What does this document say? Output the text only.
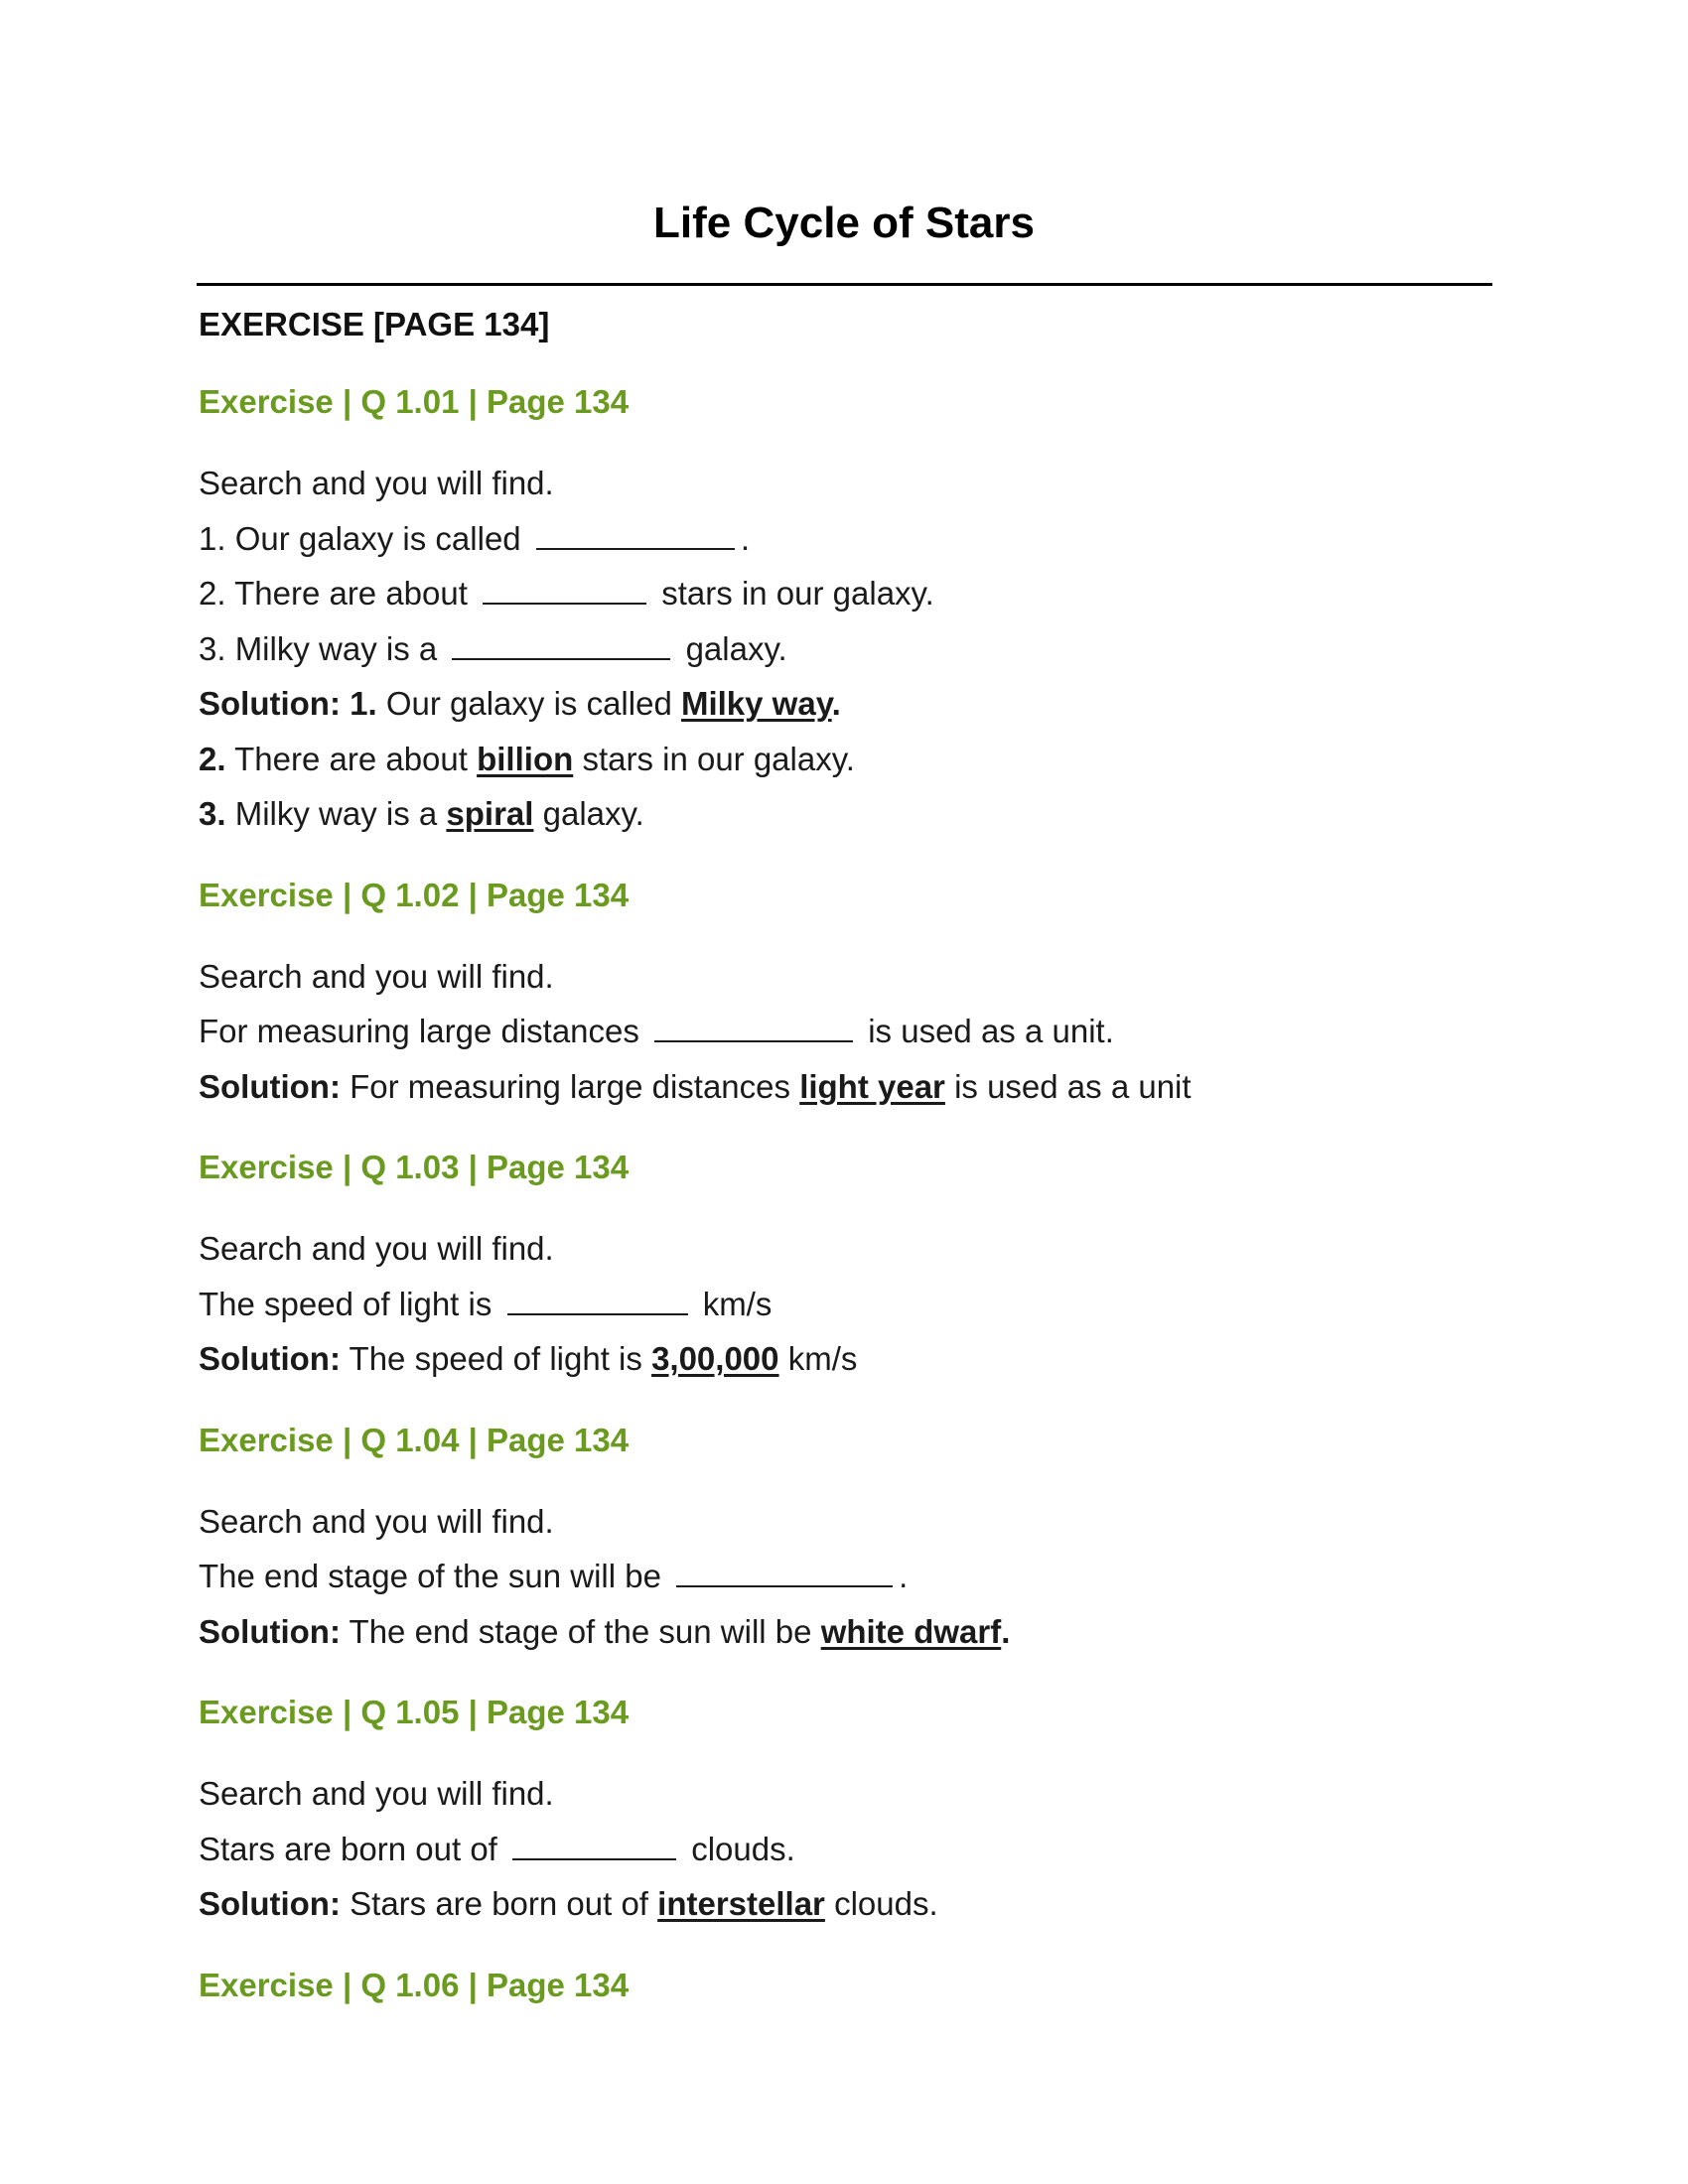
Life Cycle of Stars

EXERCISE [PAGE 134]

Exercise | Q 1.01 | Page 134

Search and you will find.

1. Our galaxy is called	.

2. There are about	stars in our galaxy.

3. Milky way is a	galaxy.

Solution: 1. Our galaxy is called Milky way.

2. There are about billion stars in our galaxy.

3. Milky way is a spiral galaxy.

Exercise | Q 1.02 | Page 134

Search and you will find.

For measuring large distances	is used as a unit.

Solution: For measuring large distances light year is used as a unit

Exercise | Q 1.03 | Page 134

Search and you will find.

The speed of light is	km/s

Solution: The speed of light is 3,00,000 km/s

Exercise | Q 1.04 | Page 134

Search and you will find.

The end stage of the sun will be	.

Solution: The end stage of the sun will be white dwarf.

Exercise | Q 1.05 | Page 134

Search and you will find.

Stars are born out of	clouds.

Solution: Stars are born out of interstellar clouds.

Exercise | Q 1.06 | Page 134
